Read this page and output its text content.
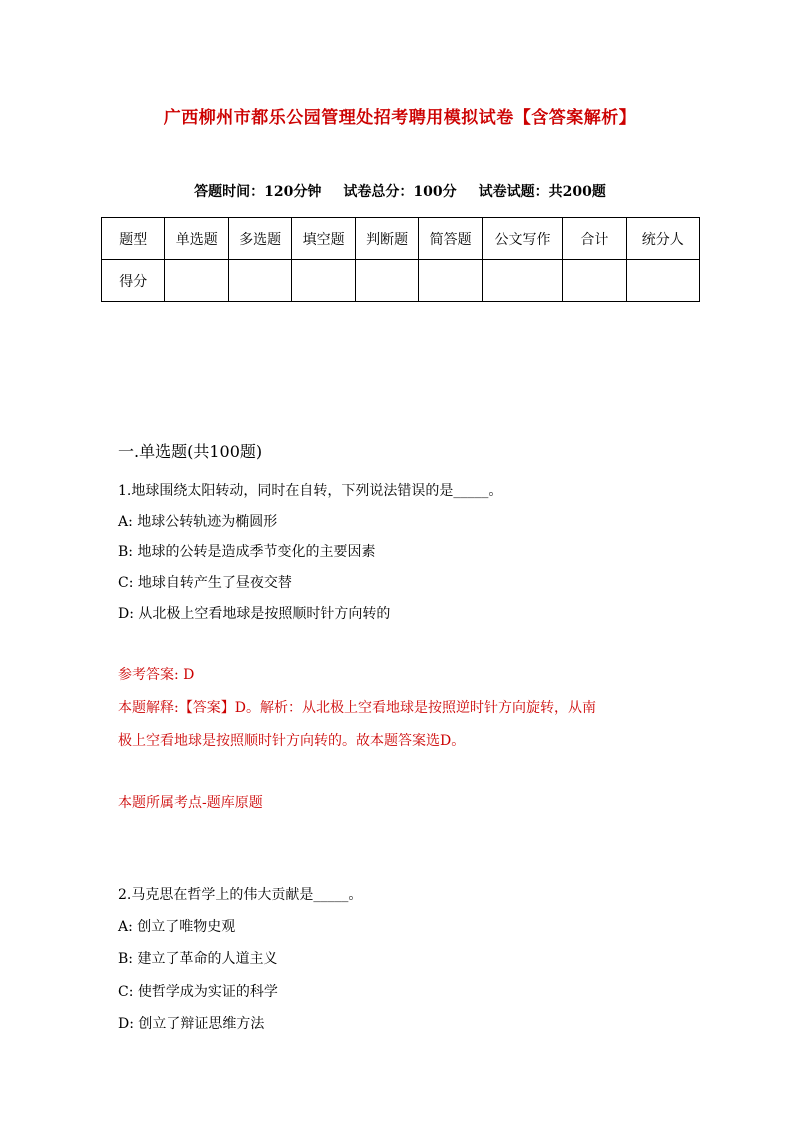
广西柳州市都乐公园管理处招考聘用模拟试卷【含答案解析】
答题时间：120分钟 试卷总分：100分 试卷试题：共200题
题型	单选题	多选题	填空题	判断题	简答题	公文写作	合计	统分人
得分								
一.单选题(共100题)
1.地球围绕太阳转动，同时在自转，下列说法错误的是_____。
A: 地球公转轨迹为椭圆形
B: 地球的公转是造成季节变化的主要因素
C: 地球自转产生了昼夜交替
D: 从北极上空看地球是按照顺时针方向转的
参考答案: D
本题解释:【答案】D。解析：从北极上空看地球是按照逆时针方向旋转，从南
极上空看地球是按照顺时针方向转的。故本题答案选D。
本题所属考点-题库原题
2.马克思在哲学上的伟大贡献是_____。
A: 创立了唯物史观
B: 建立了革命的人道主义
C: 使哲学成为实证的科学
D: 创立了辩证思维方法
